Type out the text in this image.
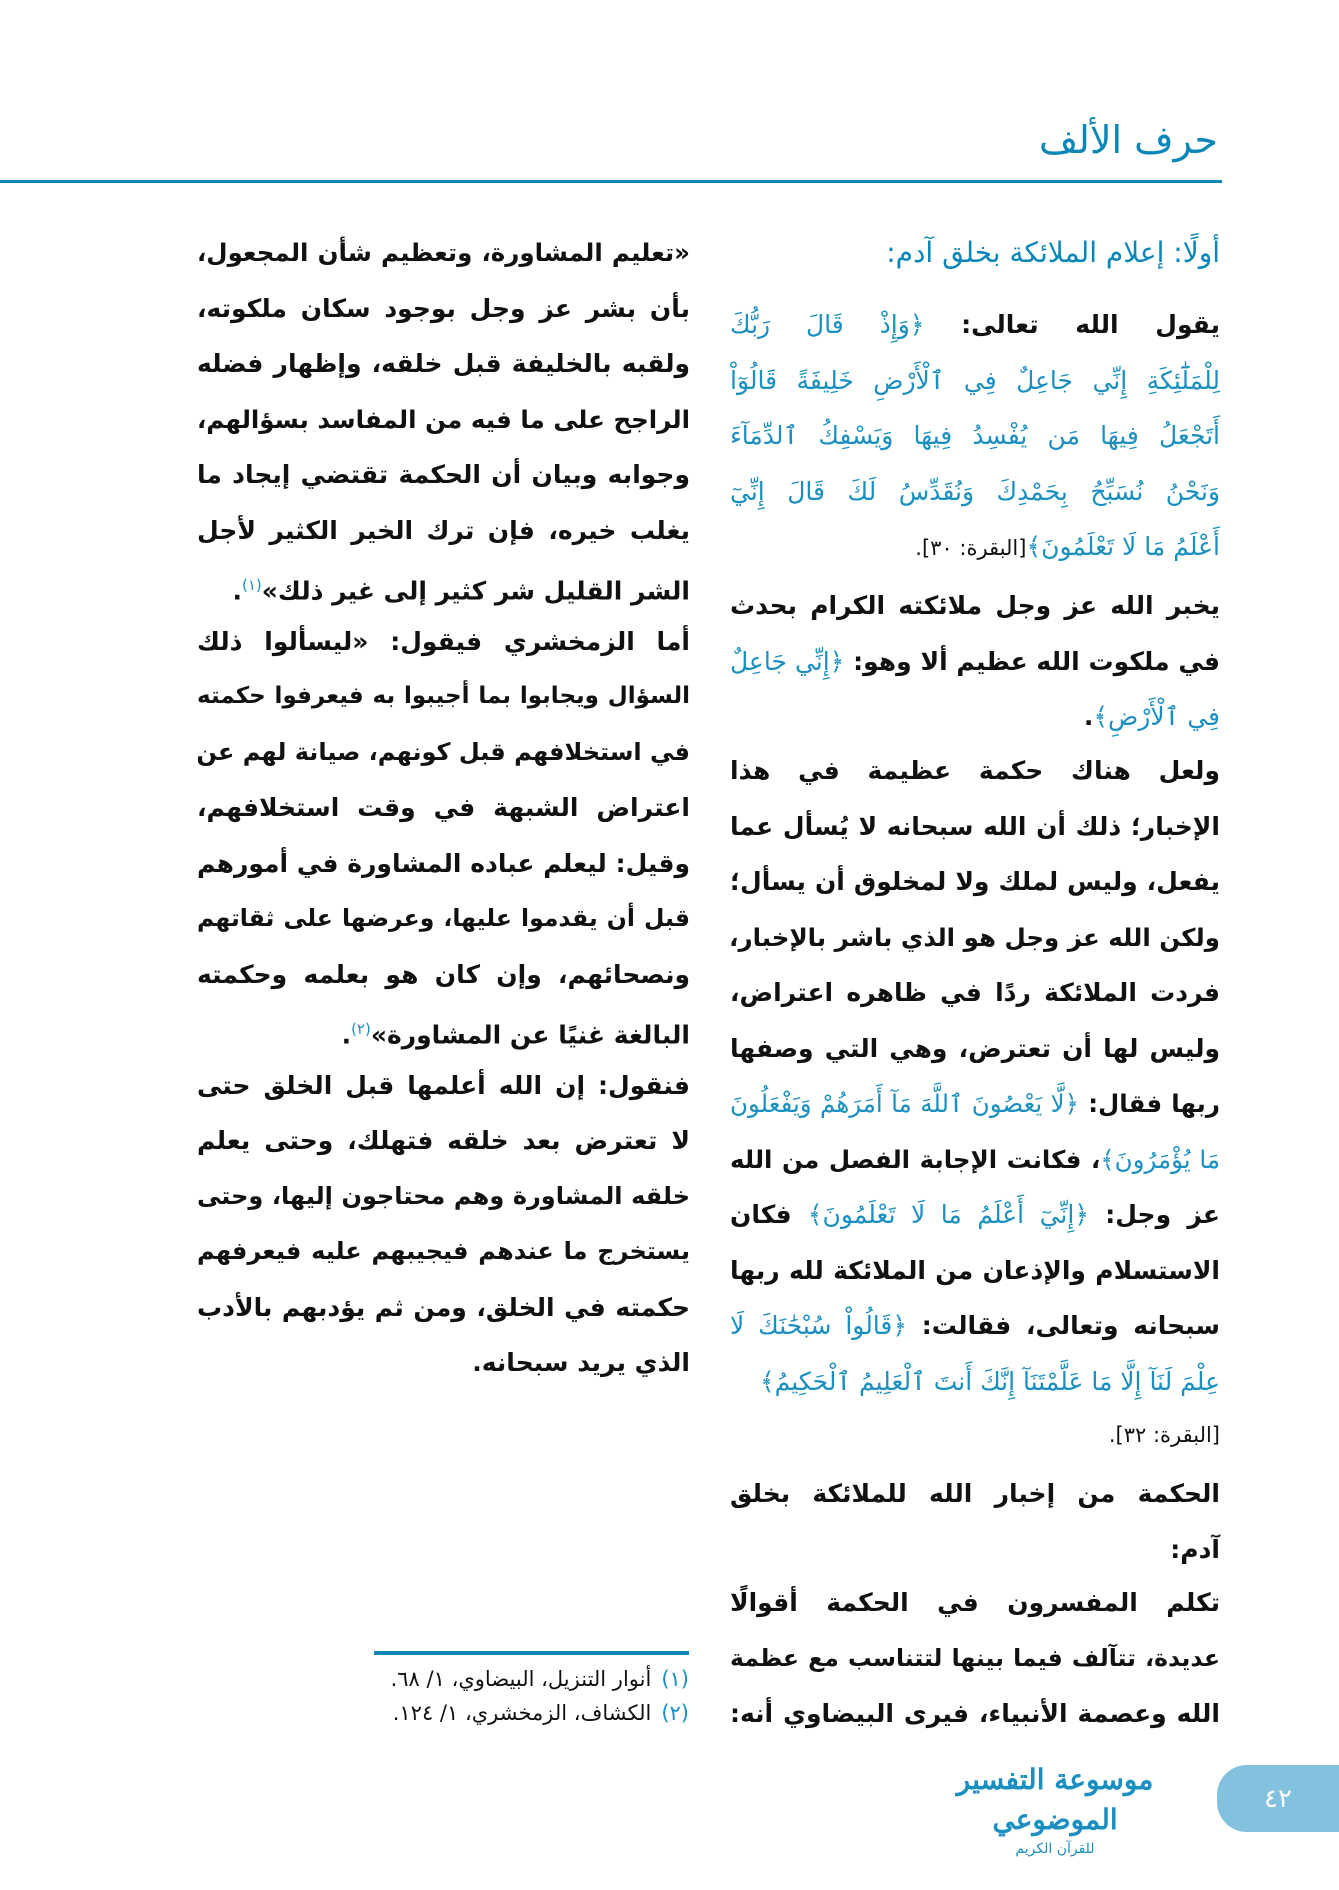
حرف الألف
أولًا: إعلام الملائكة بخلق آدم:
يقول الله تعالى: ﴿وَإِذْ قَالَ رَبُّكَ
لِلْمَلَٰٓئِكَةِ إِنِّي جَاعِلٌ فِي ٱلْأَرْضِ خَلِيفَةً قَالُوٓاْ
أَتَجْعَلُ فِيهَا مَن يُفْسِدُ فِيهَا وَيَسْفِكُ ٱلدِّمَآءَ
وَنَحْنُ نُسَبِّحُ بِحَمْدِكَ وَنُقَدِّسُ لَكَ قَالَ إِنِّيٓ
أَعْلَمُ مَا لَا تَعْلَمُونَ﴾[البقرة: ٣٠].
يخبر الله عز وجل ملائكته الكرام بحدث
في ملكوت الله عظيم ألا وهو: ﴿إِنِّي جَاعِلٌ
فِي ٱلْأَرْضِ﴾.
ولعل هناك حكمة عظيمة في هذا
الإخبار؛ ذلك أن الله سبحانه لا يُسأل عما
يفعل، وليس لملك ولا لمخلوق أن يسأل؛
ولكن الله عز وجل هو الذي باشر بالإخبار،
فردت الملائكة ردًا في ظاهره اعتراض،
وليس لها أن تعترض، وهي التي وصفها
ربها فقال: ﴿لَّا يَعْصُونَ ٱللَّهَ مَآ أَمَرَهُمْ وَيَفْعَلُونَ
مَا يُؤْمَرُونَ﴾، فكانت الإجابة الفصل من الله
عز وجل: ﴿إِنِّيٓ أَعْلَمُ مَا لَا تَعْلَمُونَ﴾ فكان
الاستسلام والإذعان من الملائكة لله ربها
سبحانه وتعالى، فقالت: ﴿قَالُواْ سُبْحَٰنَكَ لَا
عِلْمَ لَنَآ إِلَّا مَا عَلَّمْتَنَآ إِنَّكَ أَنتَ ٱلْعَلِيمُ ٱلْحَكِيمُ﴾
[البقرة: ٣٢].
الحكمة من إخبار الله للملائكة بخلق
آدم:
تكلم المفسرون في الحكمة أقوالًا
عديدة، تتآلف فيما بينها لتتناسب مع عظمة
الله وعصمة الأنبياء، فيرى البيضاوي أنه:
«تعليم المشاورة، وتعظيم شأن المجعول،
بأن بشر عز وجل بوجود سكان ملكوته،
ولقبه بالخليفة قبل خلقه، وإظهار فضله
الراجح على ما فيه من المفاسد بسؤالهم،
وجوابه وبيان أن الحكمة تقتضي إيجاد ما
يغلب خيره، فإن ترك الخير الكثير لأجل
الشر القليل شر كثير إلى غير ذلك»$^{(١)}$.
أما الزمخشري فيقول: «ليسألوا ذلك
السؤال ويجابوا بما أجيبوا به فيعرفوا حكمته
في استخلافهم قبل كونهم، صيانة لهم عن
اعتراض الشبهة في وقت استخلافهم،
وقيل: ليعلم عباده المشاورة في أمورهم
قبل أن يقدموا عليها، وعرضها على ثقاتهم
ونصحائهم، وإن كان هو بعلمه وحكمته
البالغة غنيًا عن المشاورة»$^{(٢)}$.
فنقول: إن الله أعلمها قبل الخلق حتى
لا تعترض بعد خلقه فتهلك، وحتى يعلم
خلقه المشاورة وهم محتاجون إليها، وحتى
يستخرج ما عندهم فيجيبهم عليه فيعرفهم
حكمته في الخلق، ومن ثم يؤدبهم بالأدب
الذي يريد سبحانه.
(١)أنوار التنزيل، البيضاوي، ١/ ٦٨.
(٢)الكشاف، الزمخشري، ١/ ١٢٤.
موسوعة التفسير الموضوعي
للقرآن الكريم
٤٢
